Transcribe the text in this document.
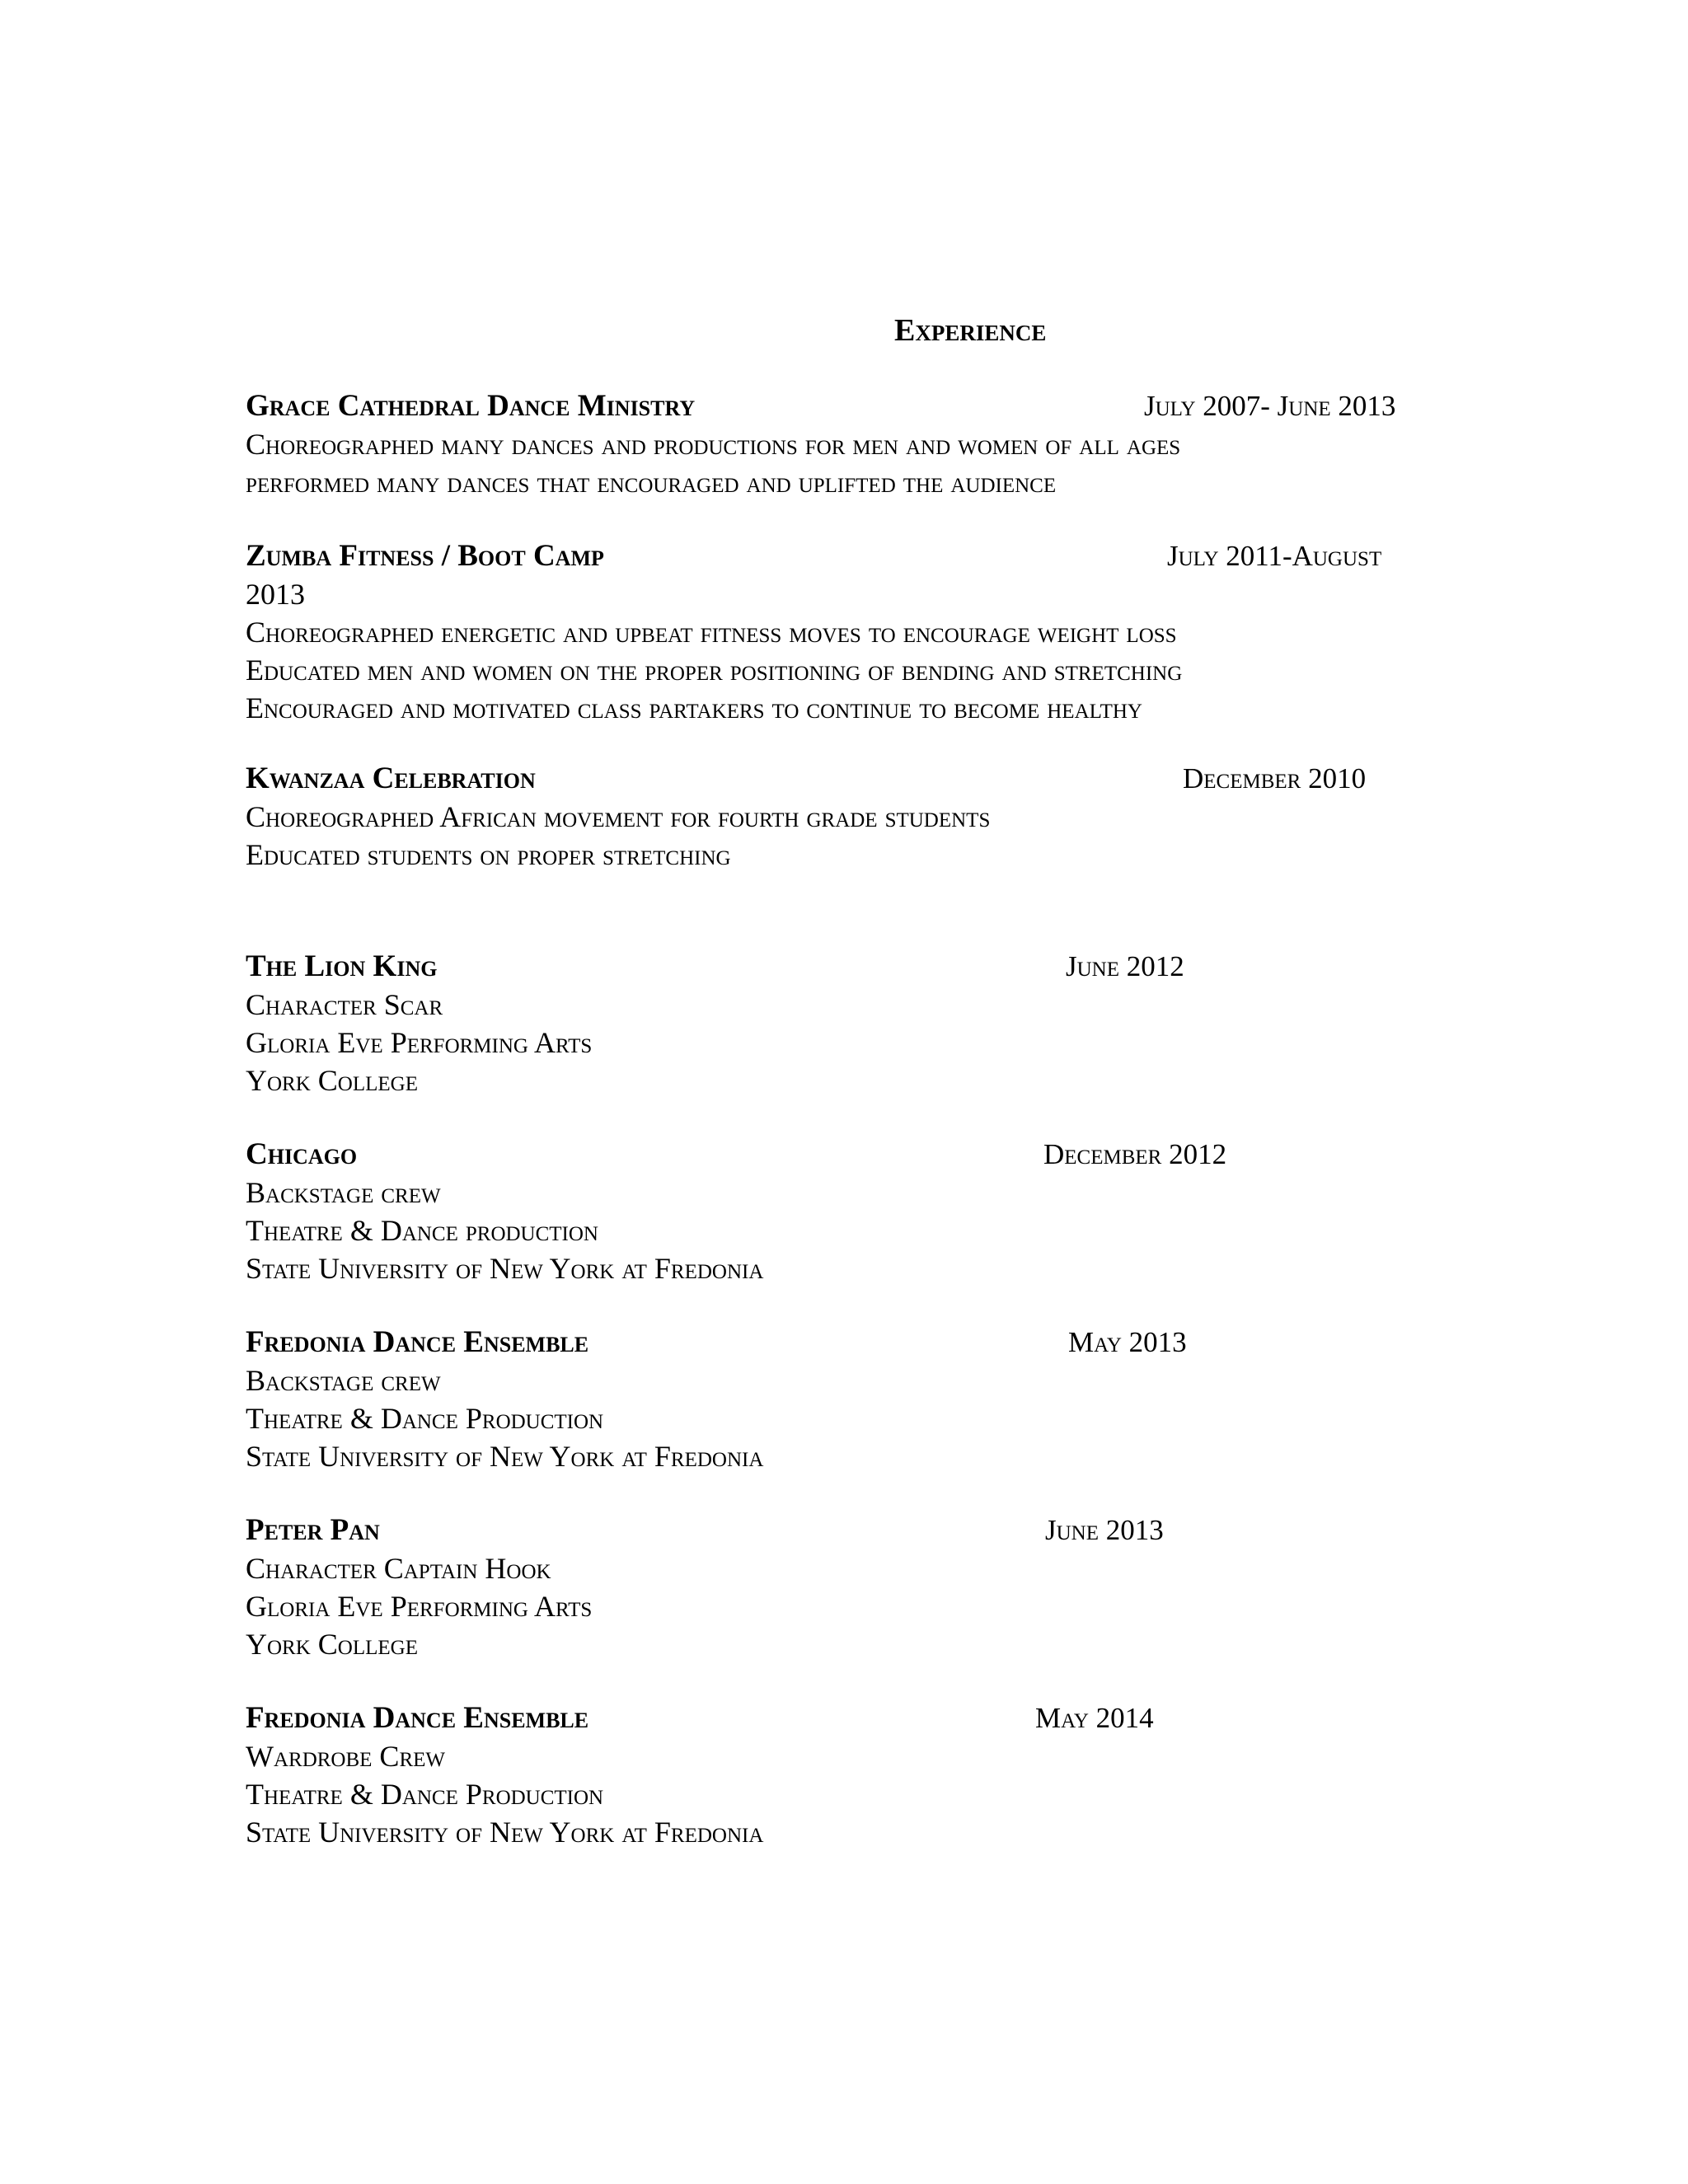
Experience
Grace Cathedral Dance Ministry	July 2007- June 2013
Choreographed many dances and productions for men and women of all ages
performed many dances that encouraged and uplifted the audience
Zumba Fitness / Boot Camp	July 2011-August
2013
Choreographed energetic and upbeat fitness moves to encourage weight loss
Educated men and women on the proper positioning of bending and stretching
Encouraged and motivated class partakers to continue to become healthy
Kwanzaa Celebration	December 2010
Choreographed African movement for fourth grade students
Educated students on proper stretching
The Lion King	June 2012
Character Scar
Gloria Eve Performing Arts
York College
Chicago	December 2012
Backstage crew
Theatre & Dance production
State University of New York at Fredonia
Fredonia Dance Ensemble	May 2013
Backstage crew
Theatre & Dance Production
State University of New York at Fredonia
Peter Pan	June 2013
Character Captain Hook
Gloria Eve Performing Arts
York College
Fredonia Dance Ensemble	May 2014
Wardrobe Crew
Theatre & Dance Production
State University of New York at Fredonia
